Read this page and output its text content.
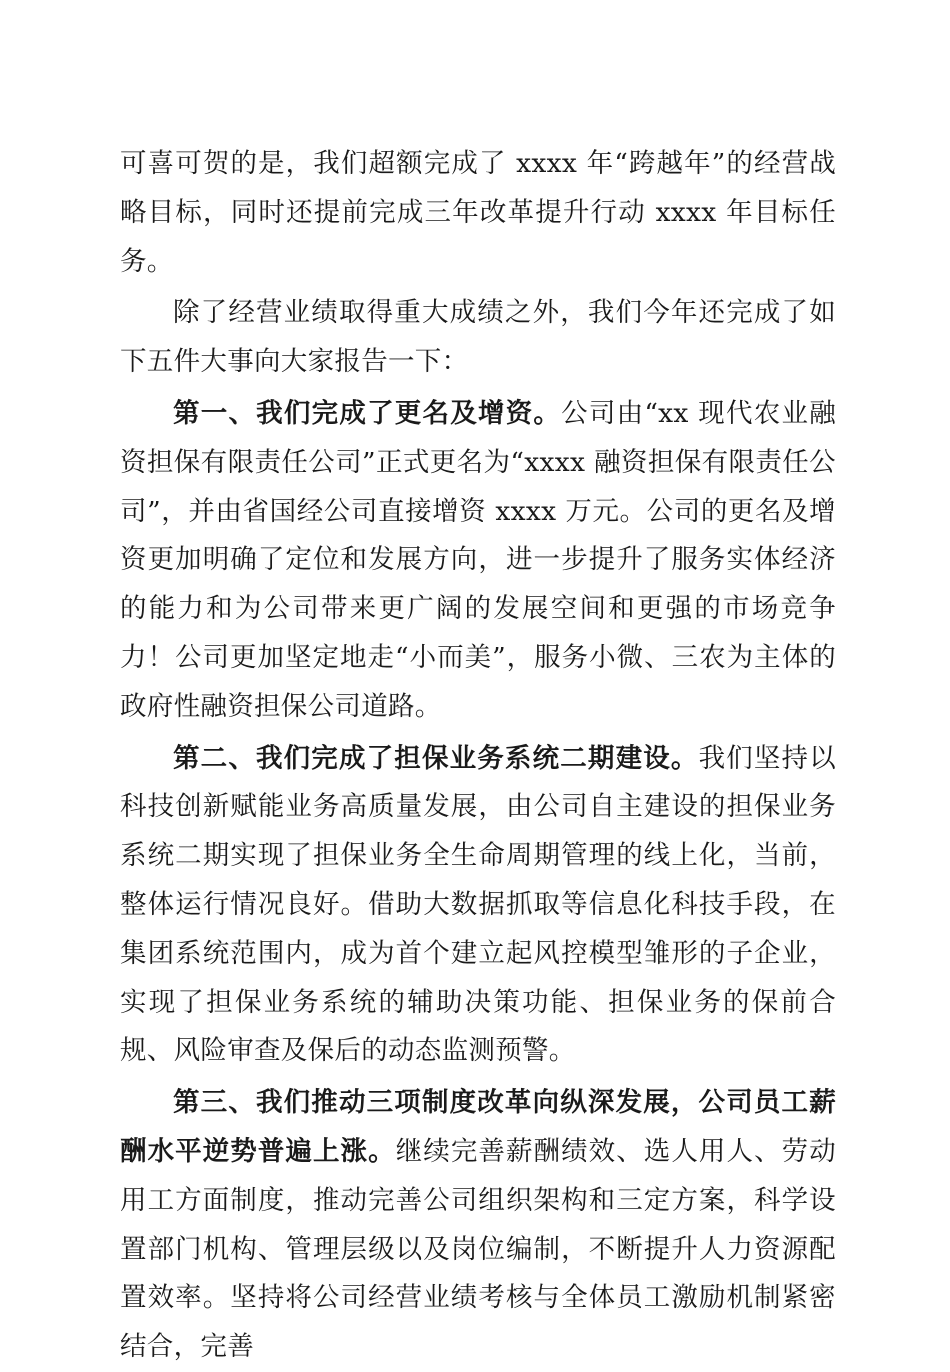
可喜可贺的是，我们超额完成了 xxxx 年“跨越年”的经营战略目标，同时还提前完成三年改革提升行动 xxxx 年目标任务。

除了经营业绩取得重大成绩之外，我们今年还完成了如下五件大事向大家报告一下：

第一、我们完成了更名及增资。公司由“xx 现代农业融资担保有限责任公司”正式更名为“xxxx 融资担保有限责任公司”，并由省国经公司直接增资 xxxx 万元。公司的更名及增资更加明确了定位和发展方向，进一步提升了服务实体经济的能力和为公司带来更广阔的发展空间和更强的市场竞争力！公司更加坚定地走“小而美”，服务小微、三农为主体的政府性融资担保公司道路。

第二、我们完成了担保业务系统二期建设。我们坚持以科技创新赋能业务高质量发展，由公司自主建设的担保业务系统二期实现了担保业务全生命周期管理的线上化，当前，整体运行情况良好。借助大数据抓取等信息化科技手段，在集团系统范围内，成为首个建立起风控模型雏形的子企业，实现了担保业务系统的辅助决策功能、担保业务的保前合规、风险审查及保后的动态监测预警。

第三、我们推动三项制度改革向纵深发展，公司员工薪酬水平逆势普遍上涨。继续完善薪酬绩效、选人用人、劳动用工方面制度，推动完善公司组织架构和三定方案，科学设置部门机构、管理层级以及岗位编制，不断提升人力资源配置效率。坚持将公司经营业绩考核与全体员工激励机制紧密结合，完善
